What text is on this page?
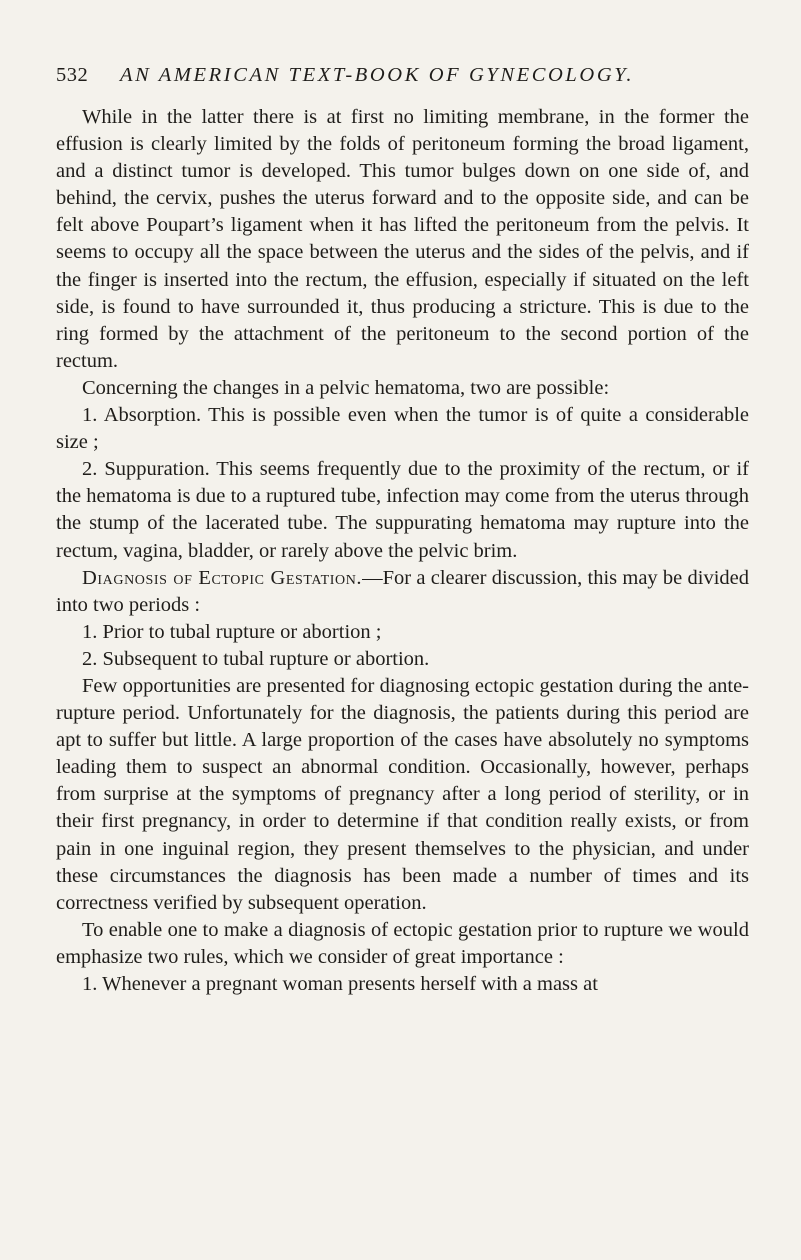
532	AN AMERICAN TEXT-BOOK OF GYNECOLOGY.

While in the latter there is at first no limiting membrane, in the former the effusion is clearly limited by the folds of peritoneum forming the broad ligament, and a distinct tumor is developed. This tumor bulges down on one side of, and behind, the cervix, pushes the uterus forward and to the opposite side, and can be felt above Poupart’s ligament when it has lifted the peritoneum from the pelvis. It seems to occupy all the space between the uterus and the sides of the pelvis, and if the finger is inserted into the rectum, the effusion, especially if situated on the left side, is found to have surrounded it, thus producing a stricture. This is due to the ring formed by the attachment of the peritoneum to the second portion of the rectum.

Concerning the changes in a pelvic hematoma, two are possible:

1. Absorption. This is possible even when the tumor is of quite a considerable size ;

2. Suppuration. This seems frequently due to the proximity of the rectum, or if the hematoma is due to a ruptured tube, infection may come from the uterus through the stump of the lacerated tube. The suppurating hematoma may rupture into the rectum, vagina, bladder, or rarely above the pelvic brim.

Diagnosis of Ectopic Gestation.—For a clearer discussion, this may be divided into two periods :

1. Prior to tubal rupture or abortion ;

2. Subsequent to tubal rupture or abortion.

Few opportunities are presented for diagnosing ectopic gestation during the ante-rupture period. Unfortunately for the diagnosis, the patients during this period are apt to suffer but little. A large proportion of the cases have absolutely no symptoms leading them to suspect an abnormal condition. Occasionally, however, perhaps from surprise at the symptoms of pregnancy after a long period of sterility, or in their first pregnancy, in order to determine if that condition really exists, or from pain in one inguinal region, they present themselves to the physician, and under these circumstances the diagnosis has been made a number of times and its correctness verified by subsequent operation.

To enable one to make a diagnosis of ectopic gestation prior to rupture we would emphasize two rules, which we consider of great importance :

1. Whenever a pregnant woman presents herself with a mass at
